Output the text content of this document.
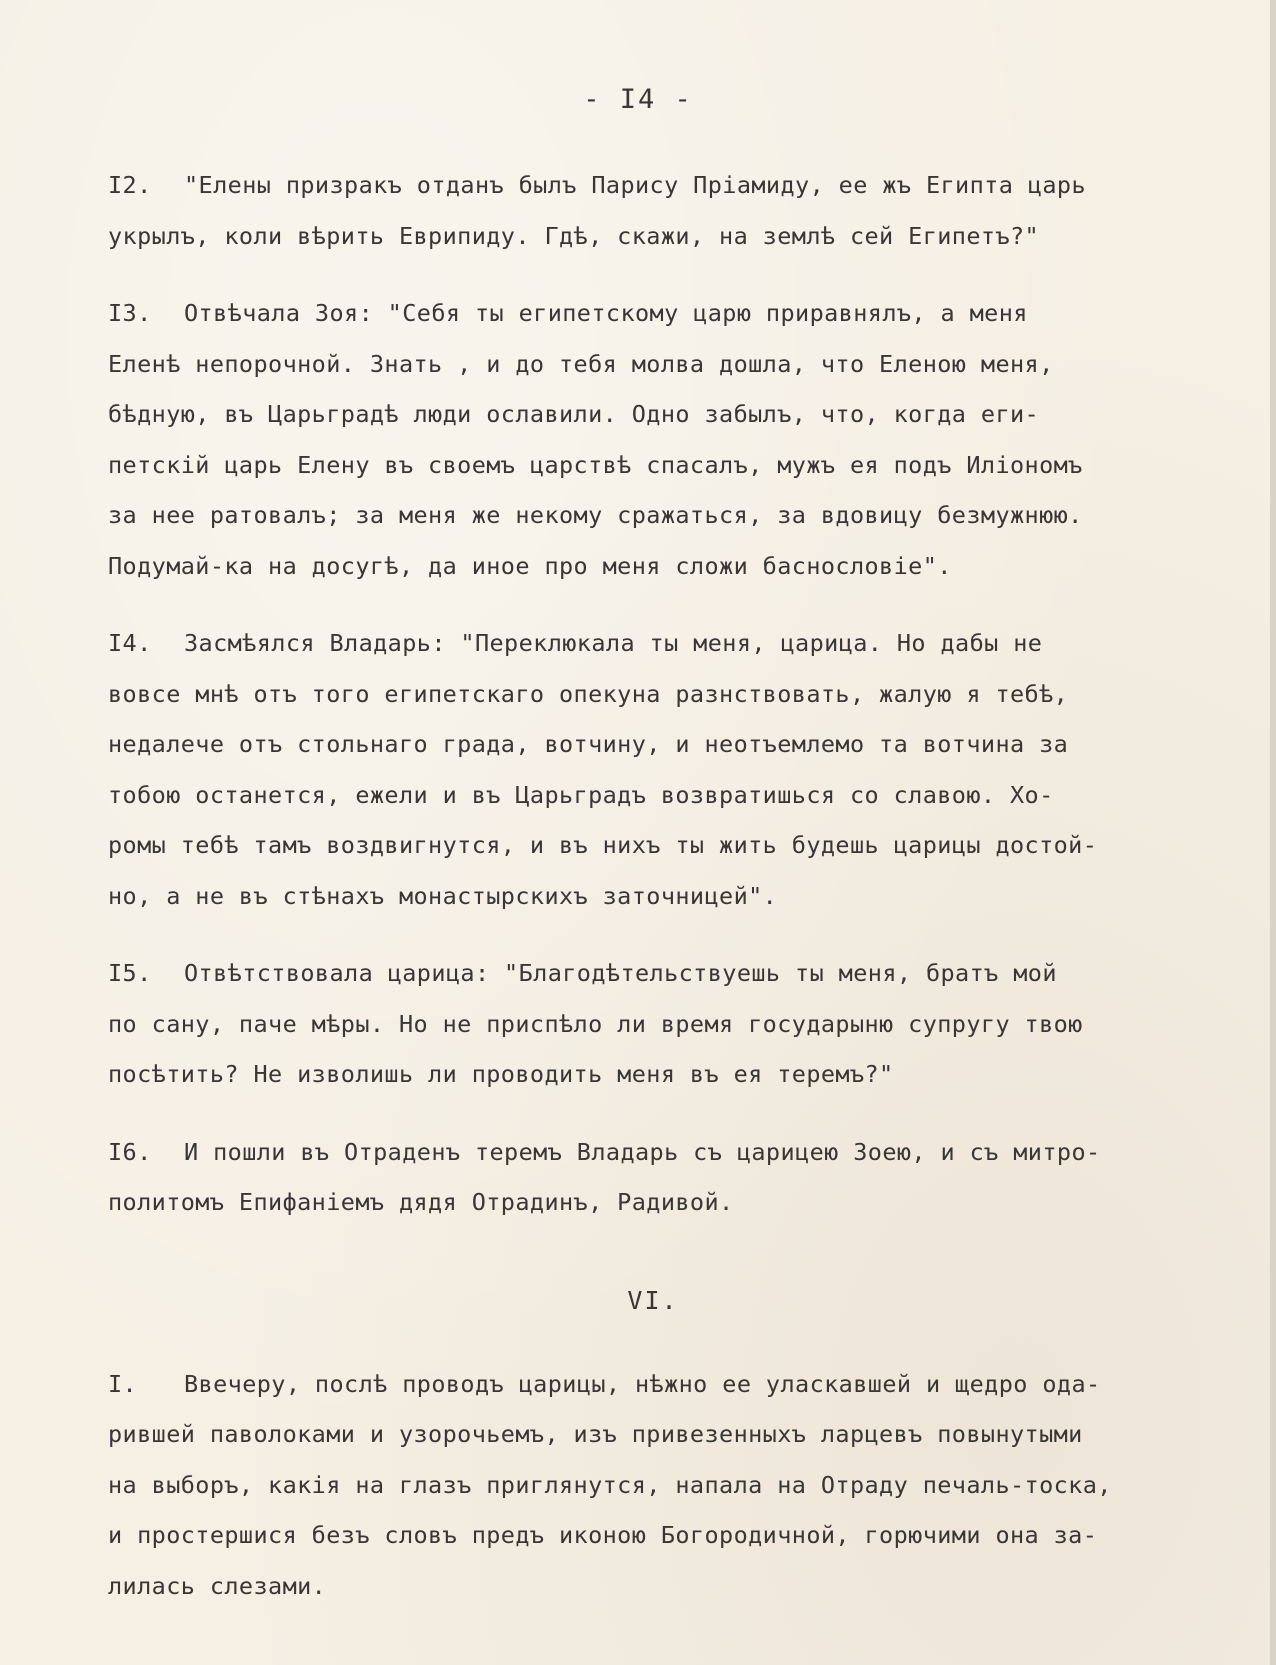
- I4 -
I2. "Елены призракъ отданъ былъ Парису Пріамиду, ее жъ Египта царь
укрылъ, коли вѣрить Еврипиду. Гдѣ, скажи, на землѣ сей Египетъ?"
I3. Отвѣчала Зоя: "Себя ты египетскому царю приравнялъ, а меня
Еленѣ непорочной. Знать , и до тебя молва дошла, что Еленою меня,
бѣдную, въ Царьградѣ люди ославили. Одно забылъ, что, когда еги-
петскій царь Елену въ своемъ царствѣ спасалъ, мужъ ея подъ Иліономъ
за нее ратовалъ; за меня же некому сражаться, за вдовицу безмужнюю.
Подумай-ка на досугѣ, да иное про меня сложи баснословіе".
I4. Засмѣялся Владарь: "Переклюкала ты меня, царица. Но дабы не
вовсе мнѣ отъ того египетскаго опекуна разнствовать, жалую я тебѣ,
недалече отъ стольнаго града, вотчину, и неотъемлемо та вотчина за
тобою останется, ежели и въ Царьградъ возвратишься со славою. Хо-
ромы тебѣ тамъ воздвигнутся, и въ нихъ ты жить будешь царицы достой-
но, а не въ стѣнахъ монастырскихъ заточницей".
I5. Отвѣтствовала царица: "Благодѣтельствуешь ты меня, братъ мой
по сану, паче мѣры. Но не приспѣло ли время государыню супругу твою
посѣтить? Не изволишь ли проводить меня въ ея теремъ?"
I6. И пошли въ Отраденъ теремъ Владарь съ царицею Зоею, и съ митро-
политомъ Епифаніемъ дядя Отрадинъ, Радивой.
VI.
I. Ввечеру, послѣ проводъ царицы, нѣжно ее уласкавшей и щедро ода-
рившей паволоками и узорочьемъ, изъ привезенныхъ ларцевъ повынутыми
на выборъ, какія на глазъ приглянутся, напала на Отраду печаль-тоска,
и простершися безъ словъ предъ иконою Богородичной, горючими она за-
лилась слезами.
